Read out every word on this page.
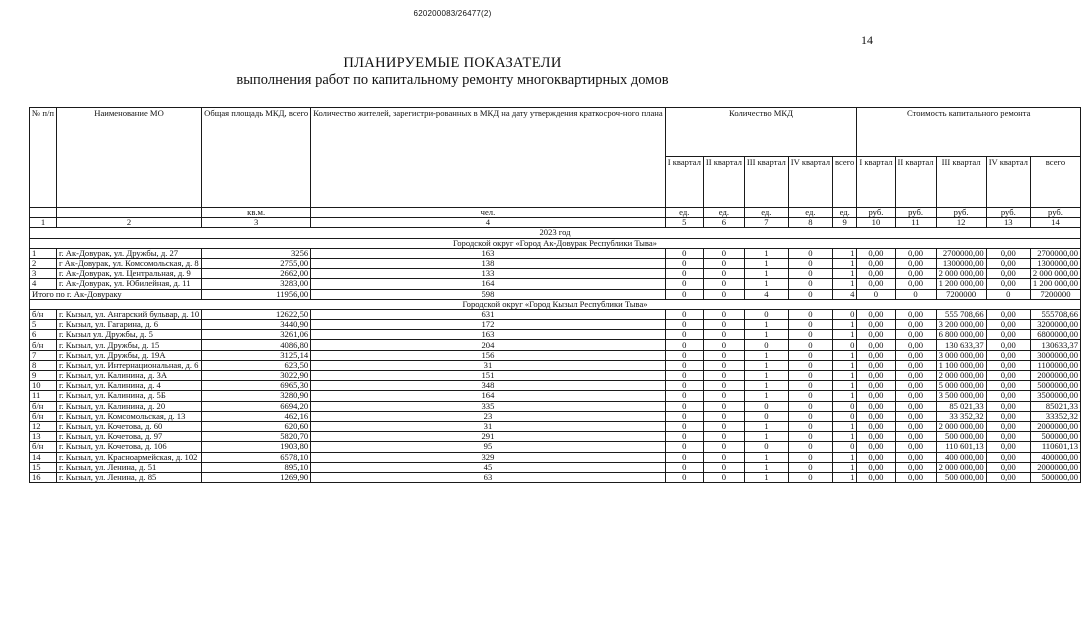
620200083/26477(2)
14
ПЛАНИРУЕМЫЕ ПОКАЗАТЕЛИ
выполнения работ по капитальному ремонту многоквартирных домов
№ п/п	Наименование МО	Общая площадь МКД, всего	Количество жителей, зарегистри-рованных в МКД на дату утверждения краткосроч-ного плана	Количество МКД					Стоимость капитального ремонта				
				I квартал	II квартал	III квартал	IV квартал	всего	I квартал	II квартал	III квартал	IV квартал	всего
		кв.м.	чел.	ед.	ед.	ед.	ед.	ед.	руб.	руб.	руб.	руб.	руб.
1	2	3	4	5	6	7	8	9	10	11	12	13	14
2023 год													
Городской округ «Город Ак-Довурак Республики Тыва»													
1	г. Ак-Довурак, ул. Дружбы, д. 27	3256	163	0	0	1	0	1	0,00	0,00	2700000,00	0,00	2700000,00
2	г Ак-Довурак, ул. Комсомольская, д. 8	2755,00	138	0	0	1	0	1	0,00	0,00	1300000,00	0,00	1300000,00
3	г. Ак-Довурак, ул. Центральная, д. 9	2662,00	133	0	0	1	0	1	0,00	0,00	2 000 000,00	0,00	2 000 000,00
4	г. Ак-Довурак, ул. Юбилейная, д. 11	3283,00	164	0	0	1	0	1	0,00	0,00	1 200 000,00	0,00	1 200 000,00
Итого по г. Ак-Довураку		11956,00	598	0	0	4	0	4	0	0	7200000	0	7200000
Городской округ «Город Кызыл Республики Тыва»													
б/н	г. Кызыл, ул. Ангарский бульвар, д. 10	12622,50	631	0	0	0	0	0	0,00	0,00	555 708,66	0,00	555708,66
5	г. Кызыл, ул. Гагарина, д. 6	3440,90	172	0	0	1	0	1	0,00	0,00	3 200 000,00	0,00	3200000,00
6	г. Кызыл ул. Дружбы, д. 5	3261,06	163	0	0	1	0	1	0,00	0,00	6 800 000,00	0,00	6800000,00
б/н	г. Кызыл, ул. Дружбы, д. 15	4086,80	204	0	0	0	0	0	0,00	0,00	130 633,37	0,00	130633,37
7	г. Кызыл, ул. Дружбы, д. 19А	3125,14	156	0	0	1	0	1	0,00	0,00	3 000 000,00	0,00	3000000,00
8	г. Кызыл, ул. Интернациональная, д. 6	623,50	31	0	0	1	0	1	0,00	0,00	1 100 000,00	0,00	1100000,00
9	г. Кызыл, ул. Калинина, д. 3А	3022,90	151	0	0	1	0	1	0,00	0,00	2 000 000,00	0,00	2000000,00
10	г. Кызыл, ул. Калинина, д. 4	6965,30	348	0	0	1	0	1	0,00	0,00	5 000 000,00	0,00	5000000,00
11	г. Кызыл, ул. Калинина, д. 5Б	3280,90	164	0	0	1	0	1	0,00	0,00	3 500 000,00	0,00	3500000,00
б/н	г. Кызыл, ул. Калинина, д. 20	6694,20	335	0	0	0	0	0	0,00	0,00	85 021,33	0,00	85021,33
б/н	г. Кызыл, ул. Комсомольская, д. 13	462,16	23	0	0	0	0	0	0,00	0,00	33 352,32	0,00	33352,32
12	г. Кызыл, ул. Кочетова, д. 60	620,60	31	0	0	1	0	1	0,00	0,00	2 000 000,00	0,00	2000000,00
13	г. Кызыл, ул. Кочетова, д. 97	5820,70	291	0	0	1	0	1	0,00	0,00	500 000,00	0,00	500000,00
б/н	г. Кызыл, ул. Кочетова, д. 106	1903,80	95	0	0	0	0	0	0,00	0,00	110 601,13	0,00	110601,13
14	г. Кызыл, ул. Красноармейская, д. 102	6578,10	329	0	0	1	0	1	0,00	0,00	400 000,00	0,00	400000,00
15	г. Кызыл, ул. Ленина, д. 51	895,10	45	0	0	1	0	1	0,00	0,00	2 000 000,00	0,00	2000000,00
16	г. Кызыл, ул. Ленина, д. 85	1269,90	63	0	0	1	0	1	0,00	0,00	500 000,00	0,00	500000,00
